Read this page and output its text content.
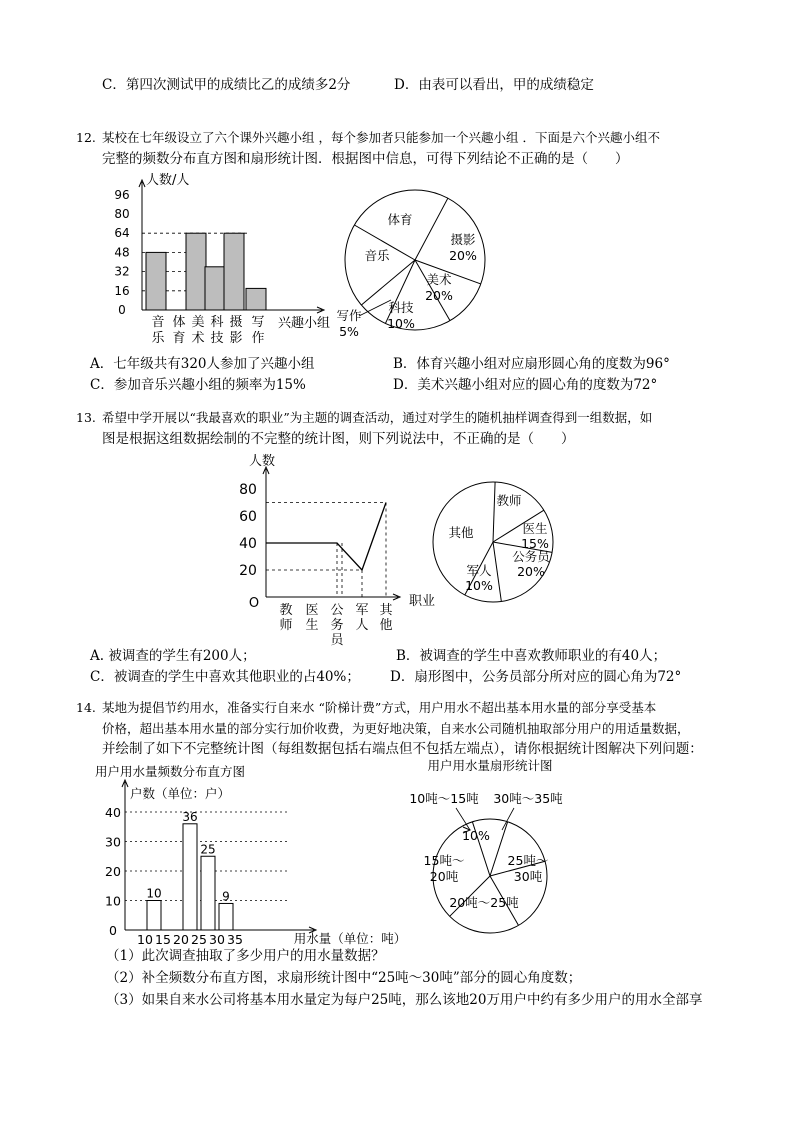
C．第四次测试甲的成绩比乙的成绩多2分	D．由表可以看出，甲的成绩稳定
12. 某校在七年级设立了六个课外兴趣小组 ，每个参加者只能参加一个兴趣小组 ．下面是六个兴趣小组不
完整的频数分布直方图和扇形统计图．根据图中信息，可得下列结论不正确的是（　　）
人数/人
0
16
32
48
64
80
96
音
乐
体
育
美
术
科
技
摄
影
写
作
兴趣小组
体育
摄影
20%
美术
20%
科技
10%
写作
5%
音乐
A．七年级共有320人参加了兴趣小组	B．体育兴趣小组对应扇形圆心角的度数为96°
C．参加音乐兴趣小组的频率为15%	D．美术兴趣小组对应的圆心角的度数为72°
13. 希望中学开展以“我最喜欢的职业”为主题的调查活动，通过对学生的随机抽样调查得到一组数据，如
图是根据这组数据绘制的不完整的统计图，则下列说法中，不正确的是（　　）
人数
职业
O
20
40
60
80
教
师
医
生
公
务
员
军
人
其
他
教师
医生
15%
公务员
20%
军人
10%
其他
A. 被调查的学生有200人；	B．被调查的学生中喜欢教师职业的有40人；
C．被调查的学生中喜欢其他职业的占40%； D．扇形图中，公务员部分所对应的圆心角为72°
14. 某地为提倡节约用水，准备实行自来水 “阶梯计费”方式，用户用水不超出基本用水量的部分享受基本
价格，超出基本用水量的部分实行加价收费，为更好地决策，自来水公司随机抽取部分用户的用适量数据，
并绘制了如下不完整统计图（每组数据包括右端点但不包括左端点），请你根据统计图解决下列问题：
用户用水量频数分布直方图
户数（单位：户）
用水量（单位：吨）
0
10
20
30
40
10 15 20 25 30 35
10
36
25
9
用户用水量扇形统计图
10吨～15吨
10%
30吨～35吨
25吨～
30吨
20吨～25吨
15吨～
20吨
（1）此次调查抽取了多少用户的用水量数据？
（2）补全频数分布直方图，求扇形统计图中“25吨～30吨”部分的圆心角度数；
（3）如果自来水公司将基本用水量定为每户25吨，那么该地20万用户中约有多少用户的用水全部享
